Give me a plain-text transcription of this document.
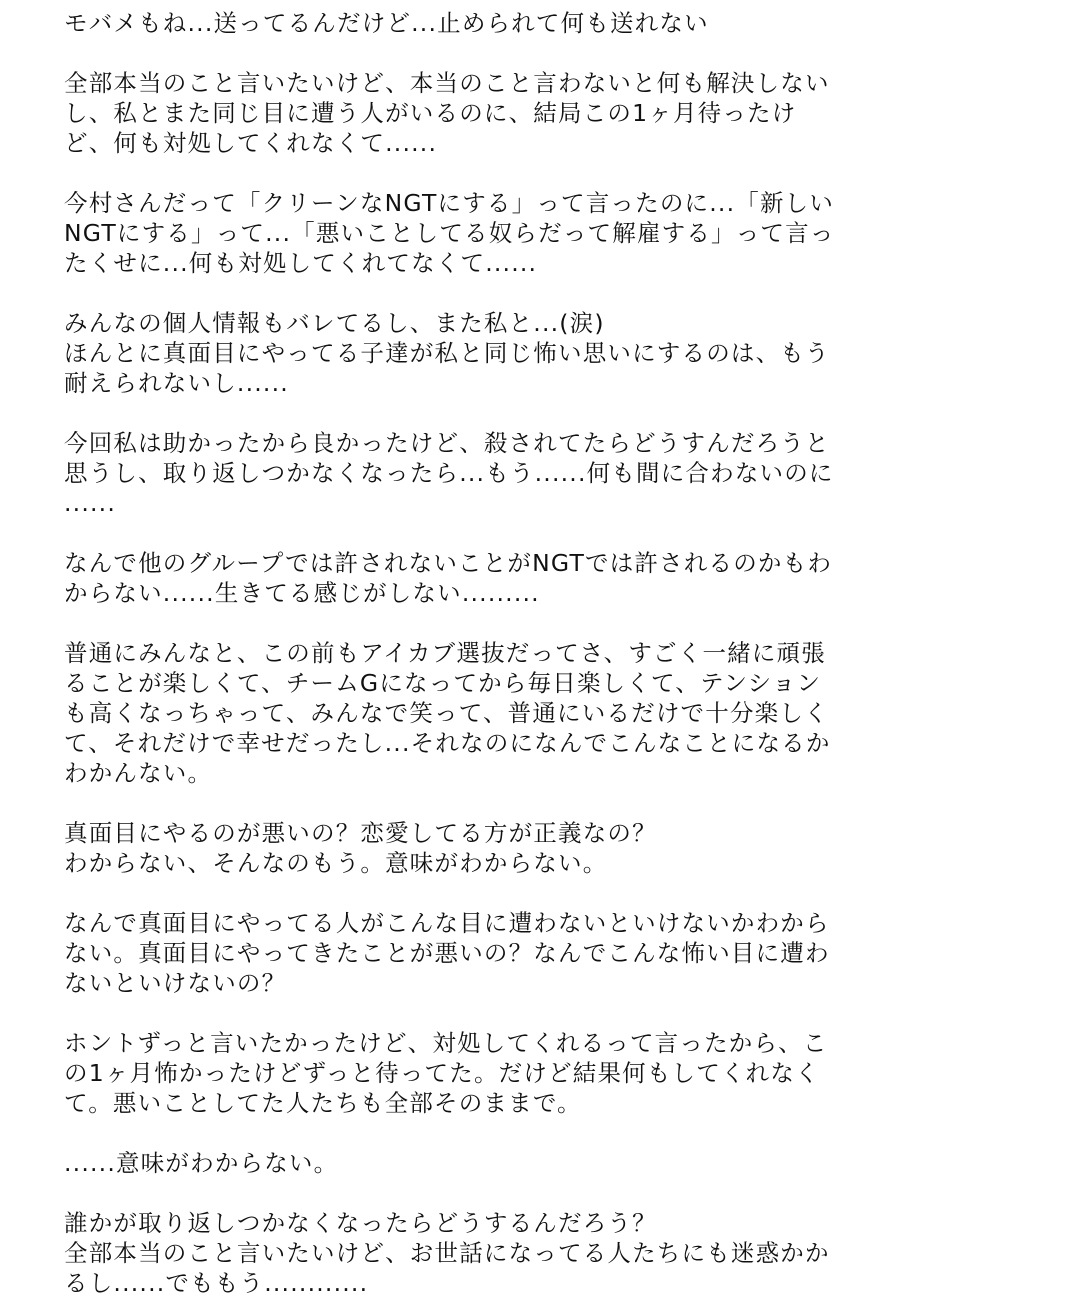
モバメもね...送ってるんだけど...止められて何も送れない
全部本当のこと言いたいけど、本当のこと言わないと何も解決しない
し、私とまた同じ目に遭う人がいるのに、結局この1ヶ月待ったけ
ど、何も対処してくれなくて......
今村さんだって「クリーンなNGTにする」って言ったのに...「新しい
NGTにする」って...「悪いことしてる奴らだって解雇する」って言っ
たくせに...何も対処してくれてなくて......
みんなの個人情報もバレてるし、また私と...(涙)
ほんとに真面目にやってる子達が私と同じ怖い思いにするのは、もう
耐えられないし......
今回私は助かったから良かったけど、殺されてたらどうすんだろうと
思うし、取り返しつかなくなったら...もう......何も間に合わないのに
......
なんで他のグループでは許されないことがNGTでは許されるのかもわ
からない......生きてる感じがしない.........
普通にみんなと、この前もアイカブ選抜だってさ、すごく一緒に頑張
ることが楽しくて、チームGになってから毎日楽しくて、テンション
も高くなっちゃって、みんなで笑って、普通にいるだけで十分楽しく
て、それだけで幸せだったし...それなのになんでこんなことになるか
わかんない。
真面目にやるのが悪いの？恋愛してる方が正義なの？
わからない、そんなのもう。意味がわからない。
なんで真面目にやってる人がこんな目に遭わないといけないかわから
ない。真面目にやってきたことが悪いの？なんでこんな怖い目に遭わ
ないといけないの？
ホントずっと言いたかったけど、対処してくれるって言ったから、こ
の1ヶ月怖かったけどずっと待ってた。だけど結果何もしてくれなく
て。悪いことしてた人たちも全部そのままで。
......意味がわからない。
誰かが取り返しつかなくなったらどうするんだろう？
全部本当のこと言いたいけど、お世話になってる人たちにも迷惑かか
るし......でももう............
